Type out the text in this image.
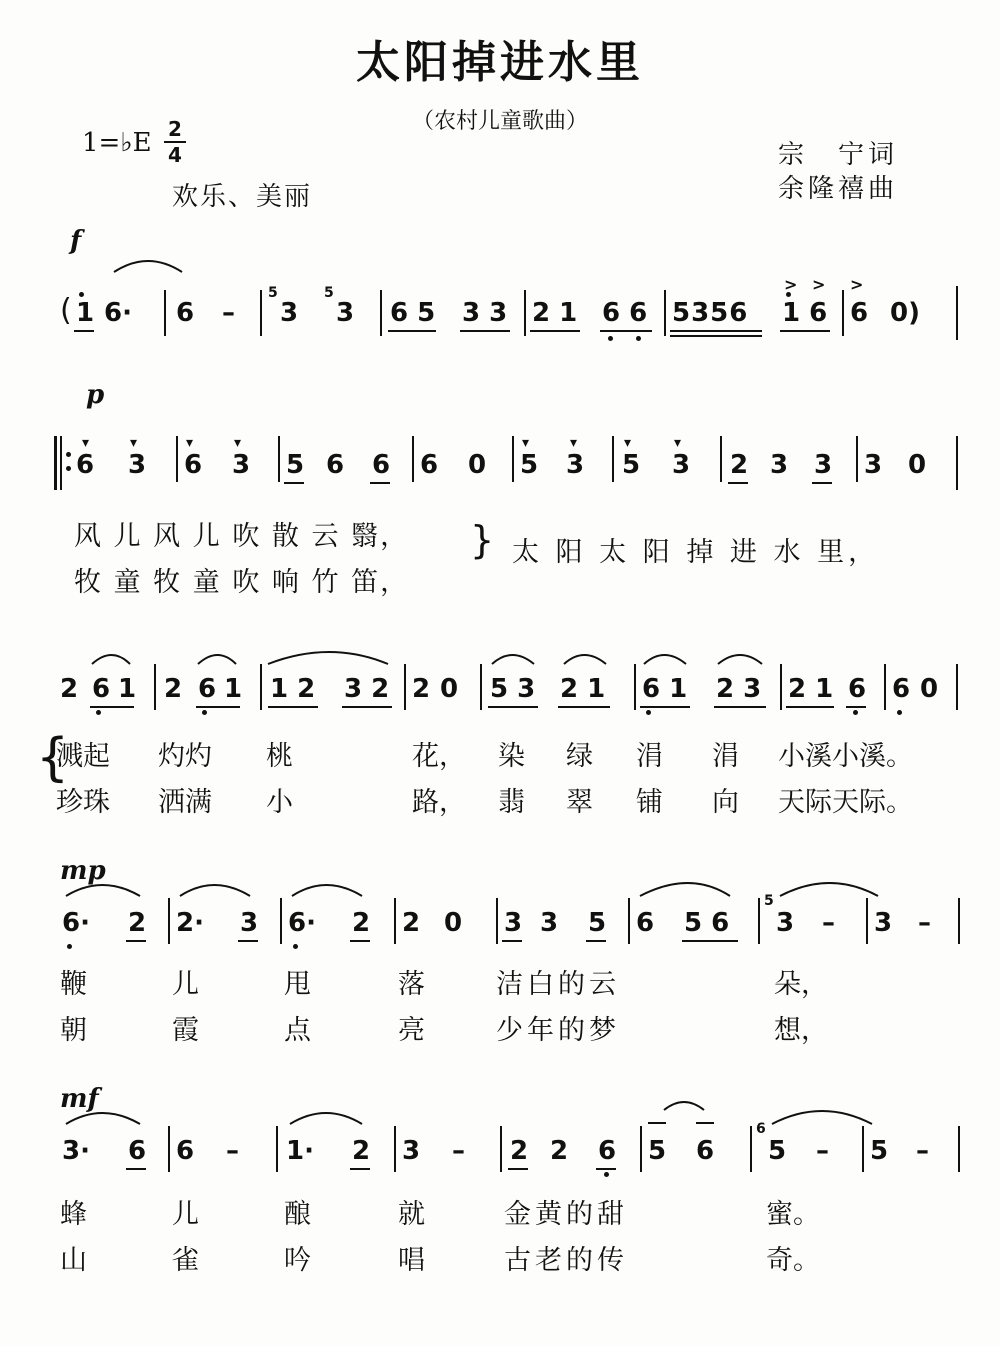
太阳掉进水里
（农村儿童歌曲）
1=♭E 2
4
欢乐、美丽
宗　宁词
余隆禧曲
f
( 1 6· 6 –
5
3
5
3 6 5 3 3 2 1 6 6 5356 1 6
> > >
6 0)
p
6 3 6 3 5 6 6 6 0 5 3 5 3 2 3 3 3 0
▾	▾	▾	▾	▾	▾	▾	▾
风 儿 风 儿 吹 散 云 翳，
牧 童 牧 童 吹 响 竹 笛，
} 太 阳 太 阳 掉 进 水 里，
2 6 1 2 6 1 1 2 3 2 2 0 5 3 2 1 6 1 2 3 2 1 6 6 0
{
溅起 灼灼 桃	花， 染 绿 涓 涓 小溪小溪。
珍珠 洒满 小	路， 翡 翠 铺 向 天际天际。
mp
6· 2 2· 3 6· 2 2 0 3 3 5 6 5 6
5
3 – 3 –
鞭	儿	甩	落	洁白的云	朵，
朝	霞	点	亮	少年的梦	想，
mf
3· 6 6 – 1· 2 3 – 2 2 6 5 6
6
5 – 5 –
蜂	儿	酿	就	金黄的甜	蜜。
山	雀	吟	唱	古老的传	奇。
